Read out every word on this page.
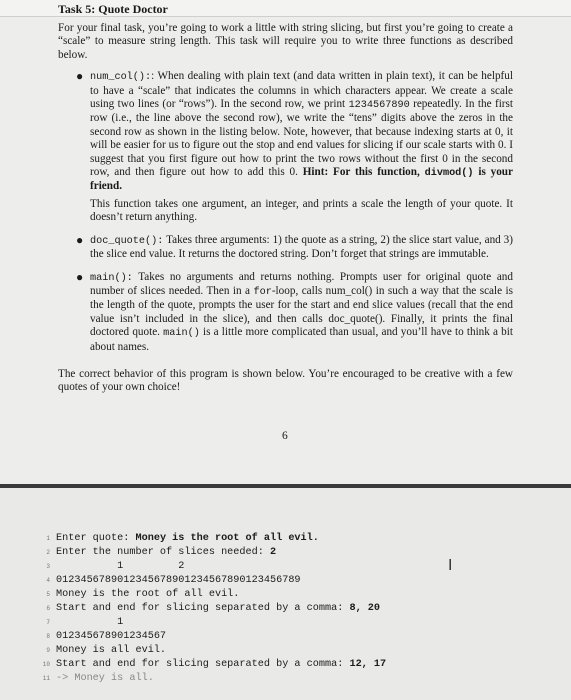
Task 5: Quote Doctor

For your final task, you’re going to work a little with string slicing, but first you’re going to create a “scale” to measure string length. This task will require you to write three functions as described below.

● num_col():: When dealing with plain text (and data written in plain text), it can be helpful to have a “scale” that indicates the columns in which characters appear. We create a scale using two lines (or “rows”). In the second row, we print 1234567890 repeatedly. In the first row (i.e., the line above the second row), we write the “tens” digits above the zeros in the second row as shown in the listing below. Note, however, that because indexing starts at 0, it will be easier for us to figure out the stop and end values for slicing if our scale starts with 0. I suggest that you first figure out how to print the two rows without the first 0 in the second row, and then figure out how to add this 0. Hint: For this function, divmod() is your friend.
This function takes one argument, an integer, and prints a scale the length of your quote. It doesn’t return anything.
● doc_quote(): Takes three arguments: 1) the quote as a string, 2) the slice start value, and 3) the slice end value. It returns the doctored string. Don’t forget that strings are immutable.
● main(): Takes no arguments and returns nothing. Prompts user for original quote and number of slices needed. Then in a for-loop, calls num_col() in such a way that the scale is the length of the quote, prompts the user for the start and end slice values (recall that the end value isn’t included in the slice), and then calls doc_quote(). Finally, it prints the final doctored quote. main() is a little more complicated than usual, and you’ll have to think a bit about names.

The correct behavior of this program is shown below. You’re encouraged to be creative with a few quotes of your own choice!

6
1 Enter quote: Money is the root of all evil.
2 Enter the number of slices needed: 2
3 1         2
4 0123456789012345678901234567890123456789
5 Money is the root of all evil.
6 Start and end for slicing separated by a comma: 8, 20
7 1
8 012345678901234567
9 Money is all evil.
10 Start and end for slicing separated by a comma: 12, 17
11 -> Money is all.
I
